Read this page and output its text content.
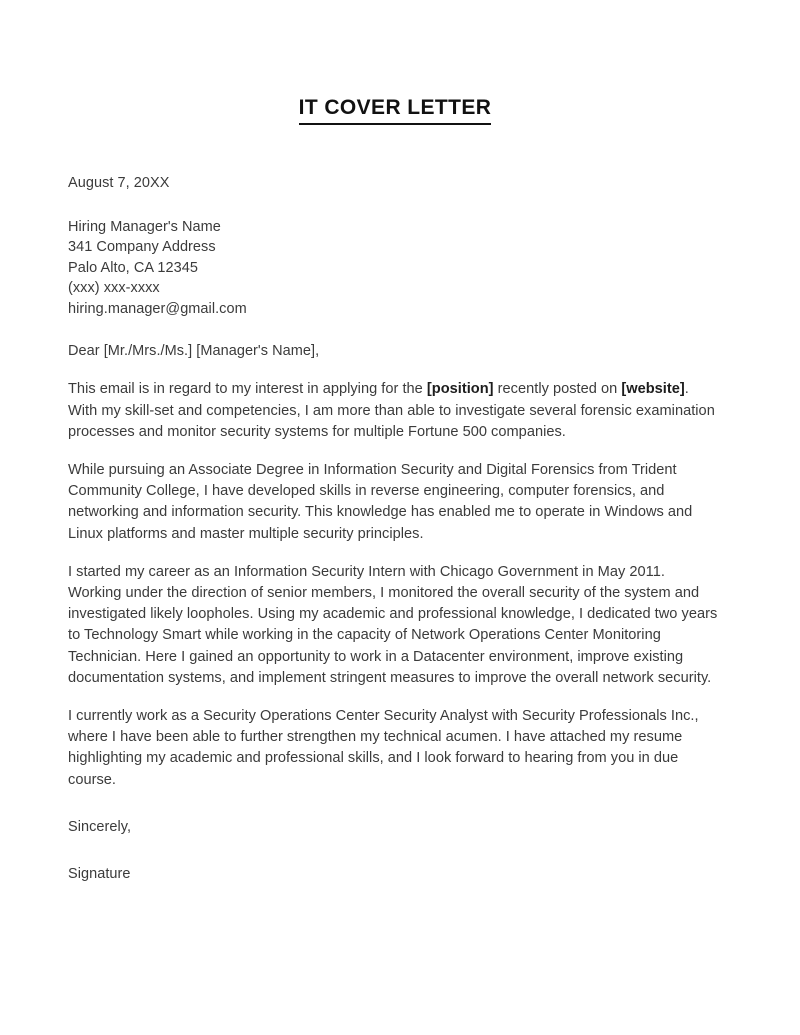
IT COVER LETTER
August 7, 20XX
Hiring Manager's Name
341 Company Address
Palo Alto, CA 12345
(xxx) xxx-xxxx
hiring.manager@gmail.com
Dear [Mr./Mrs./Ms.] [Manager's Name],

This email is in regard to my interest in applying for the [position] recently posted on [website]. With my skill-set and competencies, I am more than able to investigate several forensic examination processes and monitor security systems for multiple Fortune 500 companies.

While pursuing an Associate Degree in Information Security and Digital Forensics from Trident Community College, I have developed skills in reverse engineering, computer forensics, and networking and information security. This knowledge has enabled me to operate in Windows and Linux platforms and master multiple security principles.

I started my career as an Information Security Intern with Chicago Government in May 2011. Working under the direction of senior members, I monitored the overall security of the system and investigated likely loopholes. Using my academic and professional knowledge, I dedicated two years to Technology Smart while working in the capacity of Network Operations Center Monitoring Technician. Here I gained an opportunity to work in a Datacenter environment, improve existing documentation systems, and implement stringent measures to improve the overall network security.

I currently work as a Security Operations Center Security Analyst with Security Professionals Inc., where I have been able to further strengthen my technical acumen. I have attached my resume highlighting my academic and professional skills, and I look forward to hearing from you in due course.

Sincerely,
Signature
